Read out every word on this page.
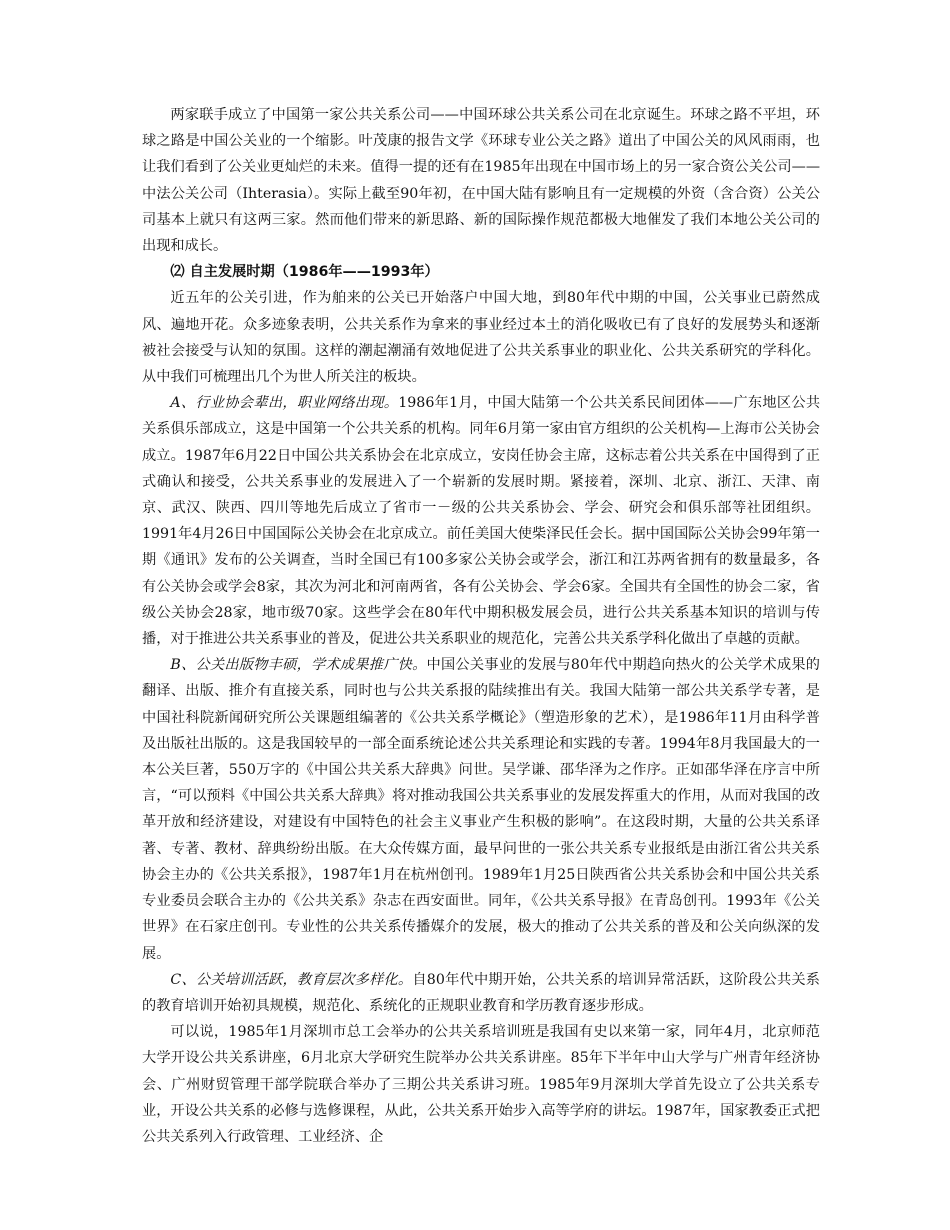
两家联手成立了中国第一家公共关系公司——中国环球公共关系公司在北京诞生。环球之路不平坦，环球之路是中国公关业的一个缩影。叶茂康的报告文学《环球专业公关之路》道出了中国公关的风风雨雨，也让我们看到了公关业更灿烂的未来。值得一提的还有在1985年出现在中国市场上的另一家合资公关公司——中法公关公司（Ihterasia）。实际上截至90年初，在中国大陆有影响且有一定规模的外资（含合资）公关公司基本上就只有这两三家。然而他们带来的新思路、新的国际操作规范都极大地催发了我们本地公关公司的出现和成长。

⑵ 自主发展时期（1986年——1993年）

近五年的公关引进，作为舶来的公关已开始落户中国大地，到80年代中期的中国，公关事业已蔚然成风、遍地开花。众多迹象表明，公共关系作为拿来的事业经过本土的消化吸收已有了良好的发展势头和逐渐被社会接受与认知的氛围。这样的潮起潮涌有效地促进了公共关系事业的职业化、公共关系研究的学科化。从中我们可梳理出几个为世人所关注的板块。

A、行业协会辈出，职业网络出现。1986年1月，中国大陆第一个公共关系民间团体——广东地区公共关系俱乐部成立，这是中国第一个公共关系的机构。同年6月第一家由官方组织的公关机构—上海市公关协会成立。1987年6月22日中国公共关系协会在北京成立，安岗任协会主席，这标志着公共关系在中国得到了正式确认和接受，公共关系事业的发展进入了一个崭新的发展时期。紧接着，深圳、北京、浙江、天津、南京、武汉、陕西、四川等地先后成立了省市一－级的公共关系协会、学会、研究会和俱乐部等社团组织。1991年4月26日中国国际公关协会在北京成立。前任美国大使柴泽民任会长。据中国国际公关协会99年第一期《通讯》发布的公关调查，当时全国已有100多家公关协会或学会，浙江和江苏两省拥有的数量最多，各有公关协会或学会8家，其次为河北和河南两省，各有公关协会、学会6家。全国共有全国性的协会二家，省级公关协会28家，地市级70家。这些学会在80年代中期积极发展会员，进行公共关系基本知识的培训与传播，对于推进公共关系事业的普及，促进公共关系职业的规范化，完善公共关系学科化做出了卓越的贡献。

B、公关出版物丰硕，学术成果推广快。中国公关事业的发展与80年代中期趋向热火的公关学术成果的翻译、出版、推介有直接关系，同时也与公共关系报的陆续推出有关。我国大陆第一部公共关系学专著，是中国社科院新闻研究所公关课题组编著的《公共关系学概论》（塑造形象的艺术），是1986年11月由科学普及出版社出版的。这是我国较早的一部全面系统论述公共关系理论和实践的专著。1994年8月我国最大的一本公关巨著，550万字的《中国公共关系大辞典》问世。吴学谦、邵华泽为之作序。正如邵华泽在序言中所言，“可以预料《中国公共关系大辞典》将对推动我国公共关系事业的发展发挥重大的作用，从而对我国的改革开放和经济建设，对建设有中国特色的社会主义事业产生积极的影响”。在这段时期，大量的公共关系译著、专著、教材、辞典纷纷出版。在大众传媒方面，最早问世的一张公共关系专业报纸是由浙江省公共关系协会主办的《公共关系报》，1987年1月在杭州创刊。1989年1月25日陕西省公共关系协会和中国公共关系专业委员会联合主办的《公共关系》杂志在西安面世。同年，《公共关系导报》在青岛创刊。1993年《公关世界》在石家庄创刊。专业性的公共关系传播媒介的发展，极大的推动了公共关系的普及和公关向纵深的发展。

C、公关培训活跃，教育层次多样化。自80年代中期开始，公共关系的培训异常活跃，这阶段公共关系的教育培训开始初具规模，规范化、系统化的正规职业教育和学历教育逐步形成。

可以说，1985年1月深圳市总工会举办的公共关系培训班是我国有史以来第一家，同年4月，北京师范大学开设公共关系讲座，6月北京大学研究生院举办公共关系讲座。85年下半年中山大学与广州青年经济协会、广州财贸管理干部学院联合举办了三期公共关系讲习班。1985年9月深圳大学首先设立了公共关系专业，开设公共关系的必修与选修课程，从此，公共关系开始步入高等学府的讲坛。1987年，国家教委正式把公共关系列入行政管理、工业经济、企
